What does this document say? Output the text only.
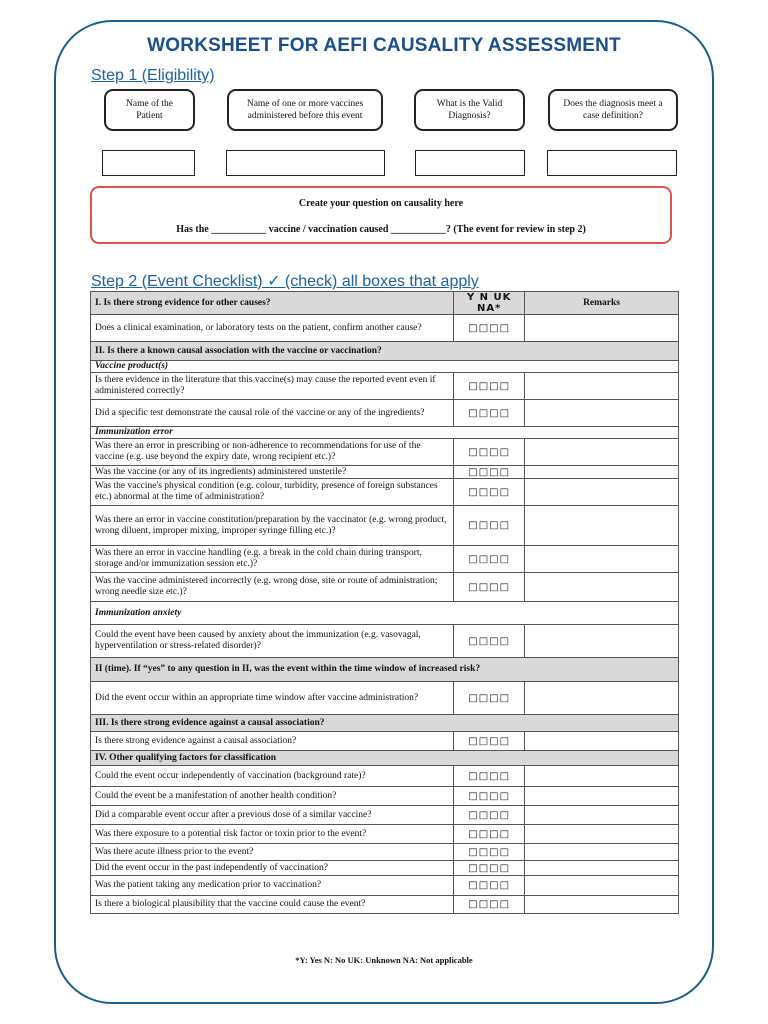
WORKSHEET FOR AEFI CAUSALITY ASSESSMENT
Step 1 (Eligibility)
Name of the Patient
Name of one or more vaccines administered before this event
What is the Valid Diagnosis?
Does the diagnosis meet a case definition?
Create your question on causality here
Has the ___________ vaccine / vaccination caused ___________? (The event for review in step 2)
Step 2 (Event Checklist) ✓ (check) all boxes that apply
I. Is there strong evidence for other causes?	Y N UK NA*	Remarks
Does a clinical examination, or laboratory tests on the patient, confirm another cause?	□□□□	
II. Is there a known causal association with the vaccine or vaccination?		
Vaccine product(s)		
Is there evidence in the literature that this vaccine(s) may cause the reported event even if administered correctly?	□□□□	
Did a specific test demonstrate the causal role of the vaccine or any of the ingredients?	□□□□	
Immunization error		
Was there an error in prescribing or non-adherence to recommendations for use of the vaccine (e.g. use beyond the expiry date, wrong recipient etc.)?	□□□□	
Was the vaccine (or any of its ingredients) administered unsterile?	□□□□	
Was the vaccine's physical condition (e.g. colour, turbidity, presence of foreign substances etc.) abnormal at the time of administration?	□□□□	
Was there an error in vaccine constitution/preparation by the vaccinator (e.g. wrong product, wrong diluent, improper mixing, improper syringe filling etc.)?	□□□□	
Was there an error in vaccine handling (e.g. a break in the cold chain during transport, storage and/or immunization session etc.)?	□□□□	
Was the vaccine administered incorrectly (e.g. wrong dose, site or route of administration; wrong needle size etc.)?	□□□□	
Immunization anxiety		
Could the event have been caused by anxiety about the immunization (e.g. vasovagal, hyperventilation or stress-related disorder)?	□□□□	
II (time). If “yes” to any question in II, was the event within the time window of increased risk?		
Did the event occur within an appropriate time window after vaccine administration?	□□□□	
III. Is there strong evidence against a causal association?		
Is there strong evidence against a causal association?	□□□□	
IV. Other qualifying factors for classification		
Could the event occur independently of vaccination (background rate)?	□□□□	
Could the event be a manifestation of another health condition?	□□□□	
Did a comparable event occur after a previous dose of a similar vaccine?	□□□□	
Was there exposure to a potential risk factor or toxin prior to the event?	□□□□	
Was there acute illness prior to the event?	□□□□	
Did the event occur in the past independently of vaccination?	□□□□	
Was the patient taking any medication prior to vaccination?	□□□□	
Is there a biological plausibility that the vaccine could cause the event?	□□□□	
*Y: Yes N: No UK: Unknown NA: Not applicable
